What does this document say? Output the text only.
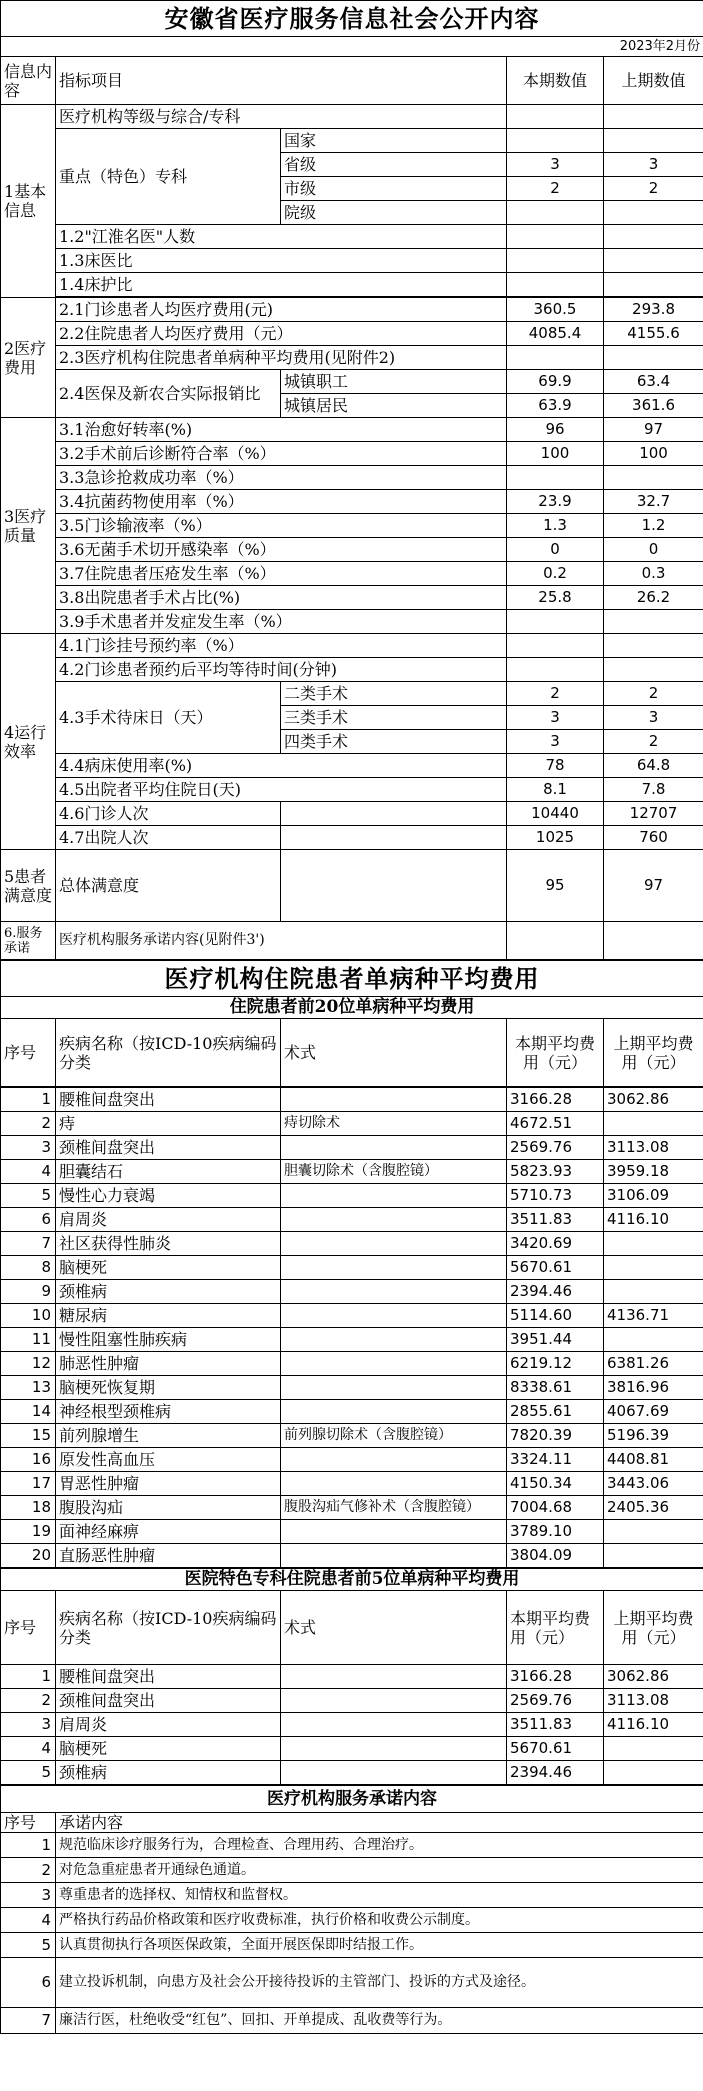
安徽省医疗服务信息社会公开内容				
2023年2月份				
信息内容	指标项目		本期数值	上期数值
1基本信息	医疗机构等级与综合/专科			
	重点（特色）专科	国家		
		省级	3	3
		市级	2	2
		院级		
	1.2"江淮名医"人数			
	1.3床医比			
	1.4床护比			

2医疗费用	2.1门诊患者人均医疗费用(元)		360.5	293.8
	2.2住院患者人均医疗费用（元）		4085.4	4155.6
	2.3医疗机构住院患者单病种平均费用(见附件2)			
	2.4医保及新农合实际报销比	城镇职工	69.9	63.4
		城镇居民	63.9	361.6
3医疗质量	3.1治愈好转率(%)		96	97
	3.2手术前后诊断符合率（%）		100	100
	3.3急诊抢救成功率（%）			
	3.4抗菌药物使用率（%）		23.9	32.7
	3.5门诊输液率（%）		1.3	1.2
	3.6无菌手术切开感染率（%）		0	0
	3.7住院患者压疮发生率（%）		0.2	0.3
	3.8出院患者手术占比(%)		25.8	26.2
	3.9手术患者并发症发生率（%）			
4运行效率	4.1门诊挂号预约率（%）			
	4.2门诊患者预约后平均等待时间(分钟)			
	4.3手术待床日（天）	二类手术	2	2
		三类手术	3	3
		四类手术	3	2
	4.4病床使用率(%)		78	64.8
	4.5出院者平均住院日(天)		8.1	7.8
	4.6门诊人次		10440	12707
	4.7出院人次		1025	760
5患者满意度	总体满意度		95	97
6.服务承诺	医疗机构服务承诺内容(见附件3')			
医疗机构住院患者单病种平均费用
住院患者前20位单病种平均费用
序号	疾病名称（按ICD-10疾病编码分类	术式	本期平均费用（元）	上期平均费用（元）
1	腰椎间盘突出		3166.28	3062.86
2	痔	痔切除术	4672.51	
3	颈椎间盘突出		2569.76	3113.08
4	胆囊结石	胆囊切除术（含腹腔镜）	5823.93	3959.18
5	慢性心力衰竭		5710.73	3106.09
6	肩周炎		3511.83	4116.10
7	社区获得性肺炎		3420.69	
8	脑梗死		5670.61	
9	颈椎病		2394.46	
10	糖尿病		5114.60	4136.71
11	慢性阻塞性肺疾病		3951.44	
12	肺恶性肿瘤		6219.12	6381.26
13	脑梗死恢复期		8338.61	3816.96
14	神经根型颈椎病		2855.61	4067.69
15	前列腺增生	前列腺切除术（含腹腔镜）	7820.39	5196.39
16	原发性高血压		3324.11	4408.81
17	胃恶性肿瘤		4150.34	3443.06
18	腹股沟疝	腹股沟疝气修补术（含腹腔镜）	7004.68	2405.36
19	面神经麻痹		3789.10	
20	直肠恶性肿瘤		3804.09	
医院特色专科住院患者前5位单病种平均费用				
序号	疾病名称（按ICD-10疾病编码分类	术式	本期平均费用（元）	上期平均费用（元）
1	腰椎间盘突出		3166.28	3062.86
2	颈椎间盘突出		2569.76	3113.08
3	肩周炎		3511.83	4116.10
4	脑梗死		5670.61	
5	颈椎病		2394.46	
医疗机构服务承诺内容	
序号	承诺内容
1	规范临床诊疗服务行为，合理检查、合理用药、合理治疗。
2	对危急重症患者开通绿色通道。
3	尊重患者的选择权、知情权和监督权。
4	严格执行药品价格政策和医疗收费标准，执行价格和收费公示制度。
5	认真贯彻执行各项医保政策，全面开展医保即时结报工作。
6	建立投诉机制，向患方及社会公开接待投诉的主管部门、投诉的方式及途径。
7	廉洁行医，杜绝收受“红包”、回扣、开单提成、乱收费等行为。
